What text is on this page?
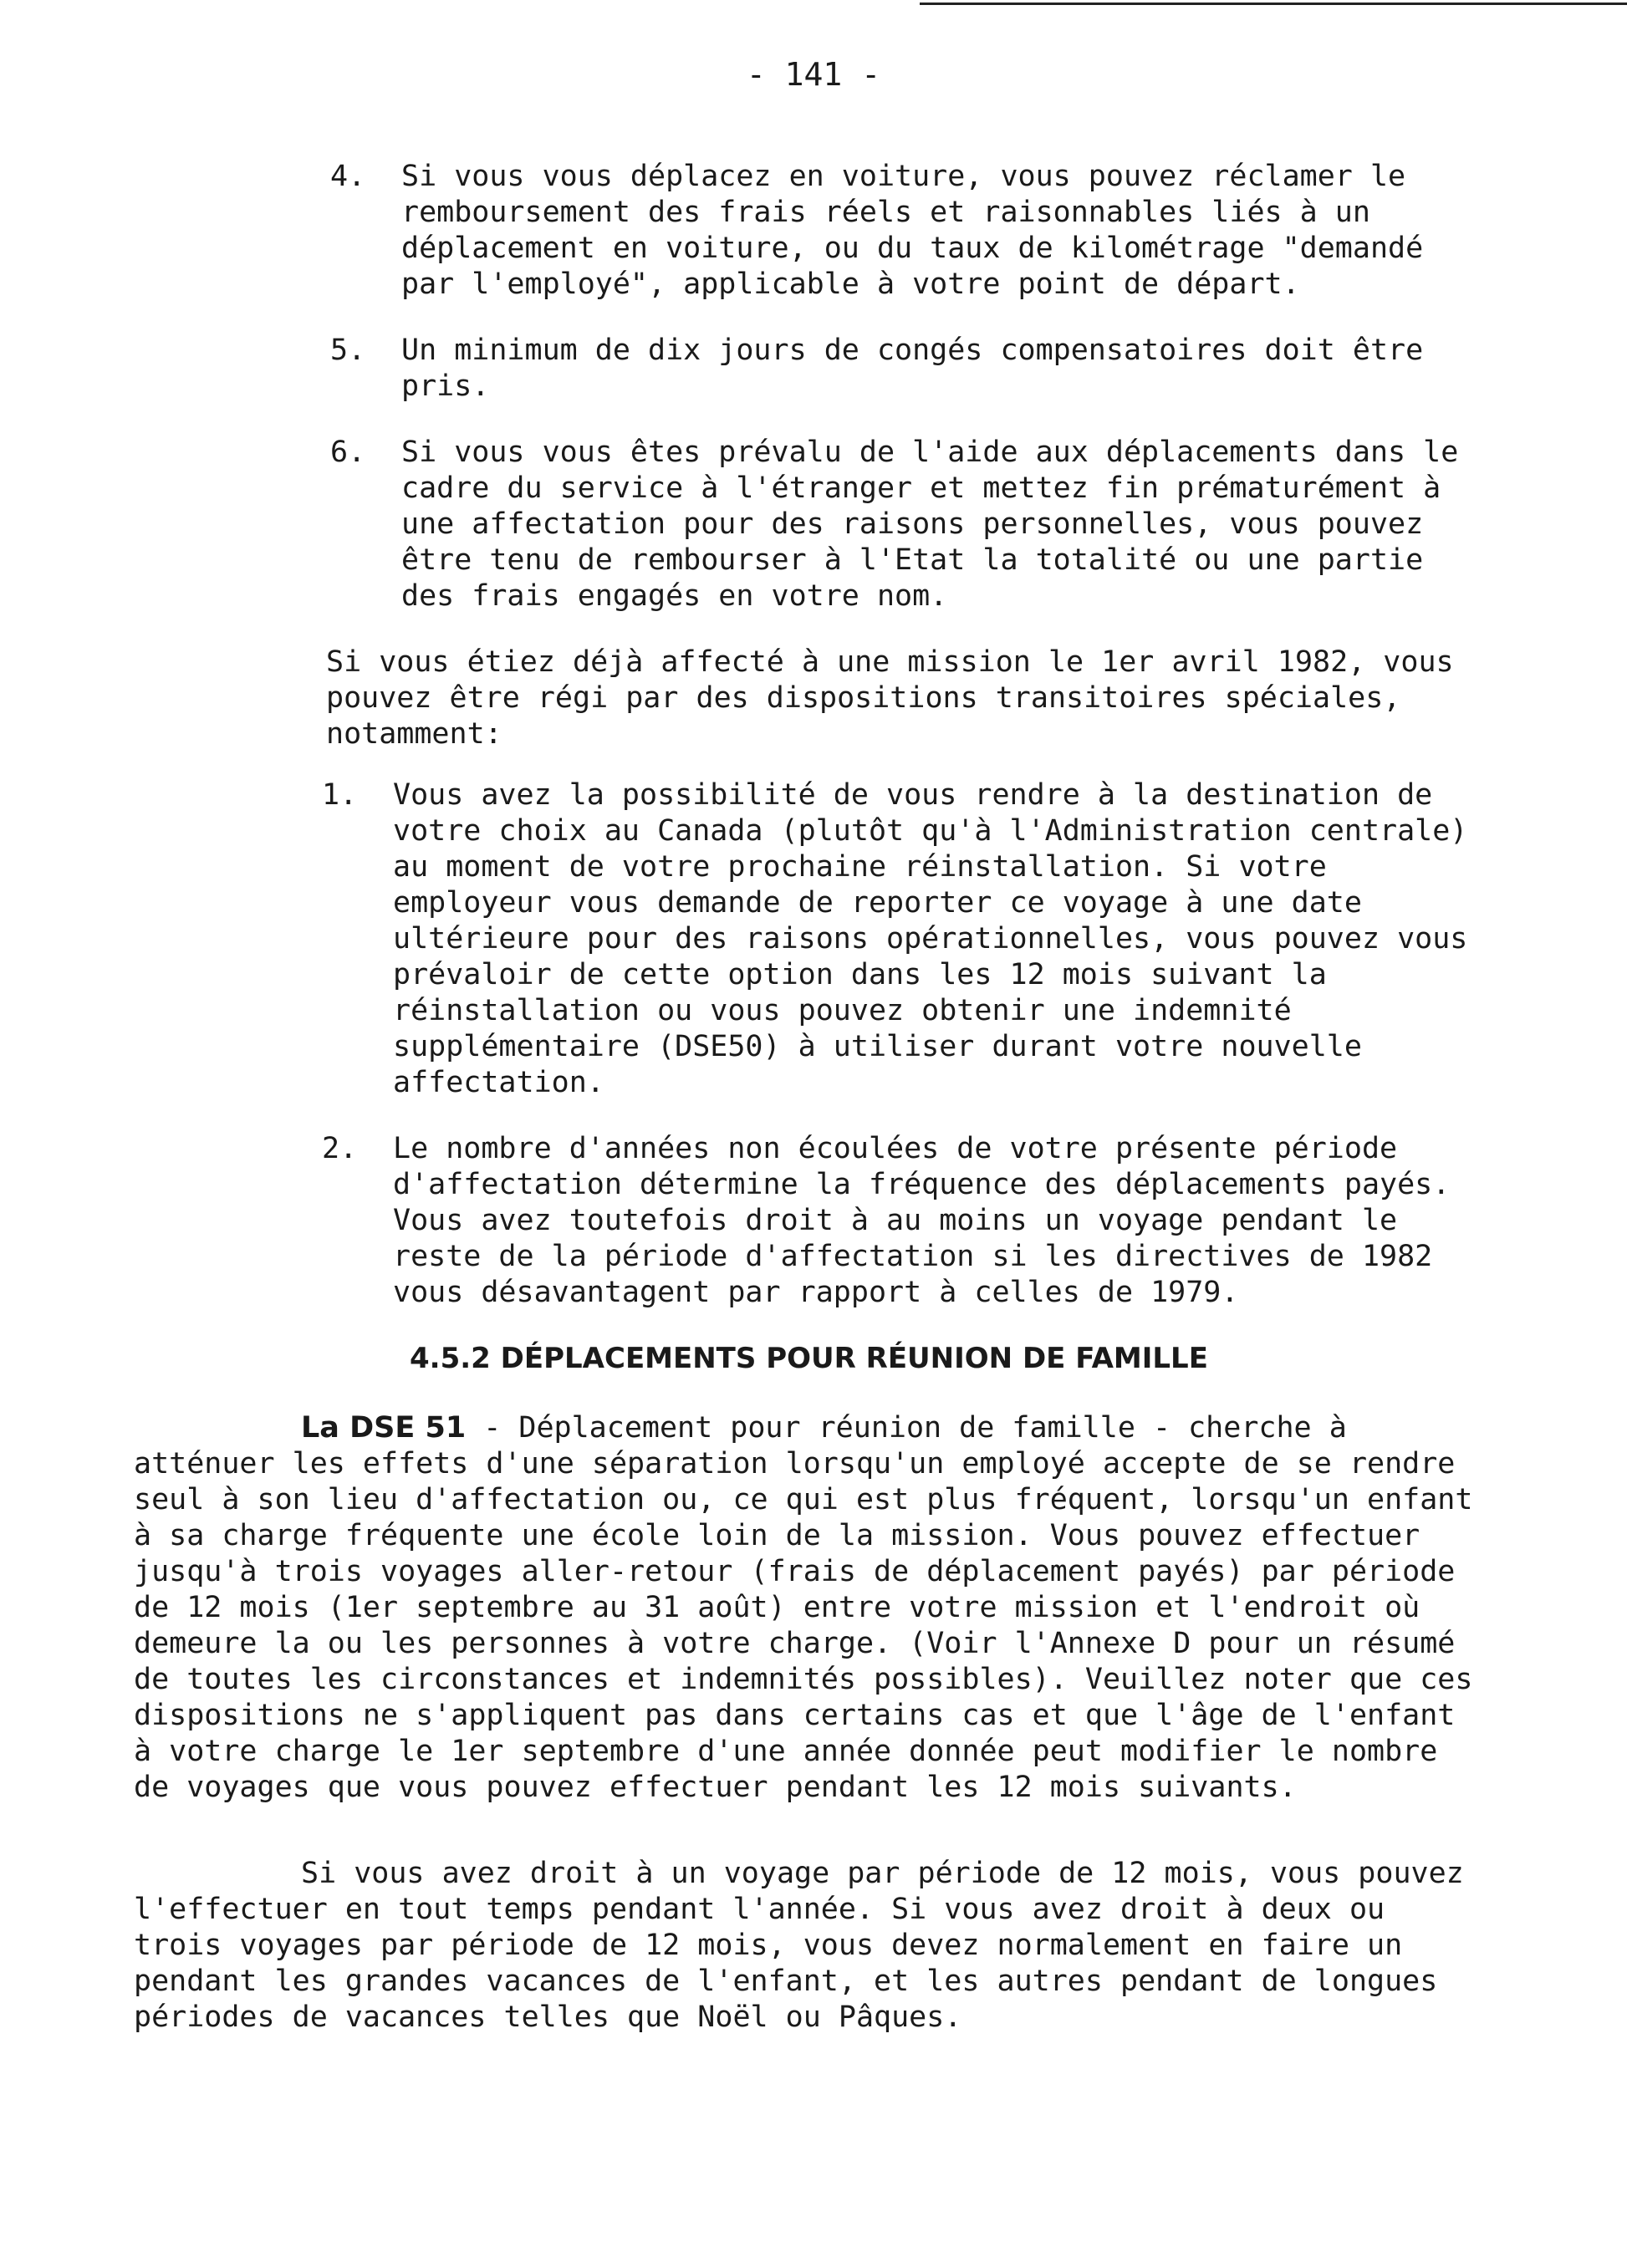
- 141 -
4.	Si vous vous déplacez en voiture, vous pouvez réclamer le remboursement des frais réels et raisonnables liés à un déplacement en voiture, ou du taux de kilométrage "demandé par l'employé", applicable à votre point de départ.
5.	Un minimum de dix jours de congés compensatoires doit être pris.
6.	Si vous vous êtes prévalu de l'aide aux déplacements dans le cadre du service à l'étranger et mettez fin prématurément à une affectation pour des raisons personnelles, vous pouvez être tenu de rembourser à l'Etat la totalité ou une partie des frais engagés en votre nom.

Si vous étiez déjà affecté à une mission le 1er avril 1982, vous pouvez être régi par des dispositions transitoires spéciales, notamment:

1.	Vous avez la possibilité de vous rendre à la destination de votre choix au Canada (plutôt qu'à l'Administration centrale) au moment de votre prochaine réinstallation. Si votre employeur vous demande de reporter ce voyage à une date ultérieure pour des raisons opérationnelles, vous pouvez vous prévaloir de cette option dans les 12 mois suivant la réinstallation ou vous pouvez obtenir une indemnité supplémentaire (DSE50) à utiliser durant votre nouvelle affectation.
2.	Le nombre d'années non écoulées de votre présente période d'affectation détermine la fréquence des déplacements payés. Vous avez toutefois droit à au moins un voyage pendant le reste de la période d'affectation si les directives de 1982 vous désavantagent par rapport à celles de 1979.
4.5.2 DÉPLACEMENTS POUR RÉUNION DE FAMILLE

La DSE 51 - Déplacement pour réunion de famille - cherche à atténuer les effets d'une séparation lorsqu'un employé accepte de se rendre seul à son lieu d'affectation ou, ce qui est plus fréquent, lorsqu'un enfant à sa charge fréquente une école loin de la mission. Vous pouvez effectuer jusqu'à trois voyages aller-retour (frais de déplacement payés) par période de 12 mois (1er septembre au 31 août) entre votre mission et l'endroit où demeure la ou les personnes à votre charge. (Voir l'Annexe D pour un résumé de toutes les circonstances et indemnités possibles). Veuillez noter que ces dispositions ne s'appliquent pas dans certains cas et que l'âge de l'enfant à votre charge le 1er septembre d'une année donnée peut modifier le nombre de voyages que vous pouvez effectuer pendant les 12 mois suivants.

Si vous avez droit à un voyage par période de 12 mois, vous pouvez l'effectuer en tout temps pendant l'année. Si vous avez droit à deux ou trois voyages par période de 12 mois, vous devez normalement en faire un pendant les grandes vacances de l'enfant, et les autres pendant de longues périodes de vacances telles que Noël ou Pâques.
